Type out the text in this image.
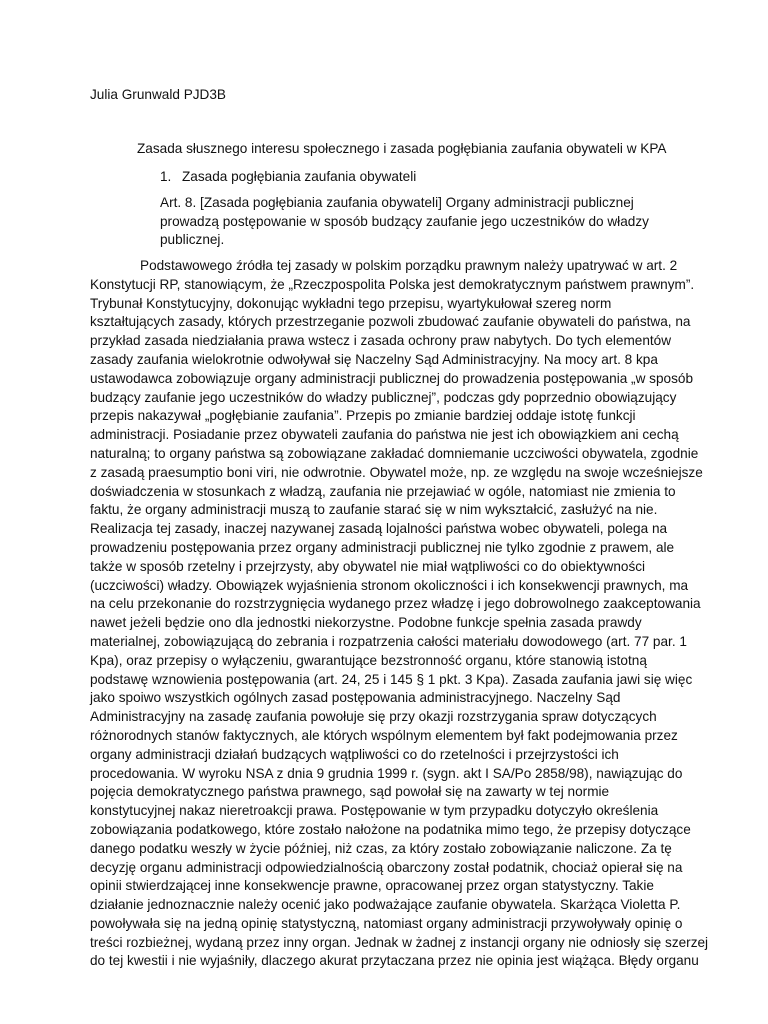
Julia Grunwald PJD3B

Zasada słusznego interesu społecznego i zasada pogłębiania zaufania obywateli w KPA

1. Zasada pogłębiania zaufania obywateli

Art. 8. [Zasada pogłębiania zaufania obywateli] Organy administracji publicznej
prowadzą postępowanie w sposób budzący zaufanie jego uczestników do władzy
publicznej.

Podstawowego źródła tej zasady w polskim porządku prawnym należy upatrywać w art. 2
Konstytucji RP, stanowiącym, że „Rzeczpospolita Polska jest demokratycznym państwem prawnym”.
Trybunał Konstytucyjny, dokonując wykładni tego przepisu, wyartykułował szereg norm
kształtujących zasady, których przestrzeganie pozwoli zbudować zaufanie obywateli do państwa, na
przykład zasada niedziałania prawa wstecz i zasada ochrony praw nabytych. Do tych elementów
zasady zaufania wielokrotnie odwoływał się Naczelny Sąd Administracyjny. Na mocy art. 8 kpa
ustawodawca zobowiązuje organy administracji publicznej do prowadzenia postępowania „w sposób
budzący zaufanie jego uczestników do władzy publicznej”, podczas gdy poprzednio obowiązujący
przepis nakazywał „pogłębianie zaufania”. Przepis po zmianie bardziej oddaje istotę funkcji
administracji. Posiadanie przez obywateli zaufania do państwa nie jest ich obowiązkiem ani cechą
naturalną; to organy państwa są zobowiązane zakładać domniemanie uczciwości obywatela, zgodnie
z zasadą praesumptio boni viri, nie odwrotnie. Obywatel może, np. ze względu na swoje wcześniejsze
doświadczenia w stosunkach z władzą, zaufania nie przejawiać w ogóle, natomiast nie zmienia to
faktu, że organy administracji muszą to zaufanie starać się w nim wykształcić, zasłużyć na nie.
Realizacja tej zasady, inaczej nazywanej zasadą lojalności państwa wobec obywateli, polega na
prowadzeniu postępowania przez organy administracji publicznej nie tylko zgodnie z prawem, ale
także w sposób rzetelny i przejrzysty, aby obywatel nie miał wątpliwości co do obiektywności
(uczciwości) władzy. Obowiązek wyjaśnienia stronom okoliczności i ich konsekwencji prawnych, ma
na celu przekonanie do rozstrzygnięcia wydanego przez władzę i jego dobrowolnego zaakceptowania
nawet jeżeli będzie ono dla jednostki niekorzystne. Podobne funkcje spełnia zasada prawdy
materialnej, zobowiązującą do zebrania i rozpatrzenia całości materiału dowodowego (art. 77 par. 1
Kpa), oraz przepisy o wyłączeniu, gwarantujące bezstronność organu, które stanowią istotną
podstawę wznowienia postępowania (art. 24, 25 i 145 § 1 pkt. 3 Kpa). Zasada zaufania jawi się więc
jako spoiwo wszystkich ogólnych zasad postępowania administracyjnego. Naczelny Sąd
Administracyjny na zasadę zaufania powołuje się przy okazji rozstrzygania spraw dotyczących
różnorodnych stanów faktycznych, ale których wspólnym elementem był fakt podejmowania przez
organy administracji działań budzących wątpliwości co do rzetelności i przejrzystości ich
procedowania. W wyroku NSA z dnia 9 grudnia 1999 r. (sygn. akt I SA/Po 2858/98), nawiązując do
pojęcia demokratycznego państwa prawnego, sąd powołał się na zawarty w tej normie
konstytucyjnej nakaz nieretroakcji prawa. Postępowanie w tym przypadku dotyczyło określenia
zobowiązania podatkowego, które zostało nałożone na podatnika mimo tego, że przepisy dotyczące
danego podatku weszły w życie później, niż czas, za który zostało zobowiązanie naliczone. Za tę
decyzję organu administracji odpowiedzialnością obarczony został podatnik, chociaż opierał się na
opinii stwierdzającej inne konsekwencje prawne, opracowanej przez organ statystyczny. Takie
działanie jednoznacznie należy ocenić jako podważające zaufanie obywatela. Skarżąca Violetta P.
powoływała się na jedną opinię statystyczną, natomiast organy administracji przywoływały opinię o
treści rozbieżnej, wydaną przez inny organ. Jednak w żadnej z instancji organy nie odniosły się szerzej
do tej kwestii i nie wyjaśniły, dlaczego akurat przytaczana przez nie opinia jest wiążąca. Błędy organu
